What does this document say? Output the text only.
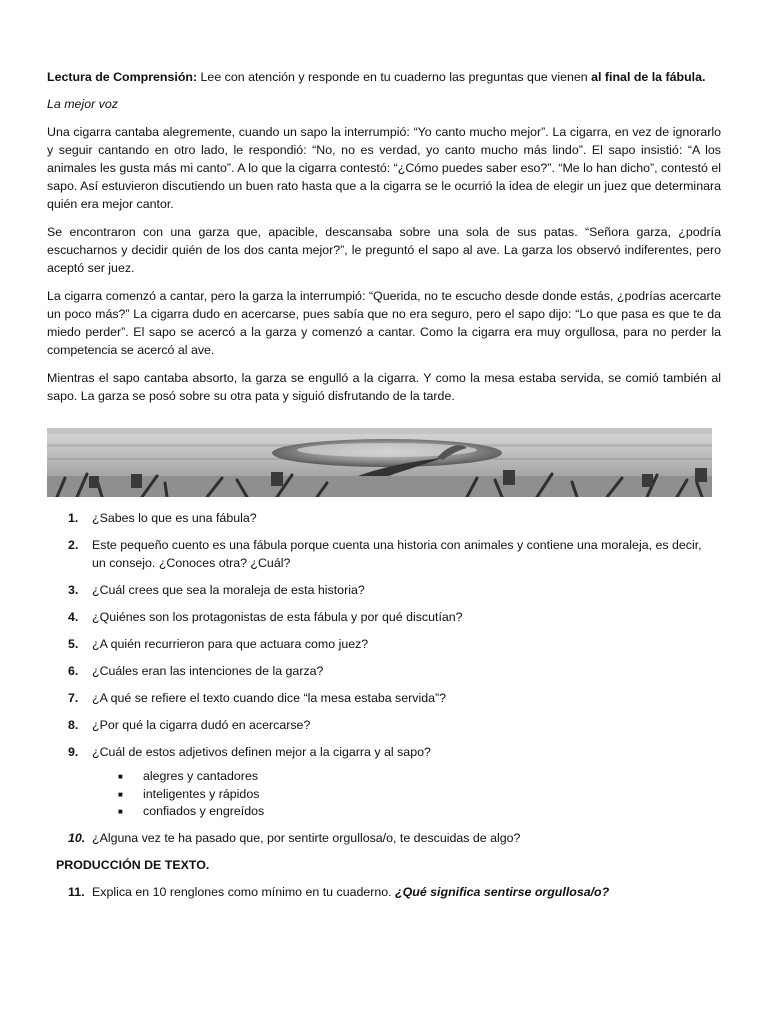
Lectura de Comprensión: Lee con atención y responde en tu cuaderno las preguntas que vienen al final de la fábula.

La mejor voz

Una cigarra cantaba alegremente, cuando un sapo la interrumpió: “Yo canto mucho mejor”. La cigarra, en vez de ignorarlo y seguir cantando en otro lado, le respondió: “No, no es verdad, yo canto mucho más lindo”. El sapo insistió: “A los animales les gusta más mi canto”. A lo que la cigarra contestó: “¿Cómo puedes saber eso?”. “Me lo han dicho”, contestó el sapo. Así estuvieron discutiendo un buen rato hasta que a la cigarra se le ocurrió la idea de elegir un juez que determinara quién era mejor cantor.

Se encontraron con una garza que, apacible, descansaba sobre una sola de sus patas. “Señora garza, ¿podría escucharnos y decidir quién de los dos canta mejor?”, le preguntó el sapo al ave. La garza los observó indiferentes, pero aceptó ser juez.

La cigarra comenzó a cantar, pero la garza la interrumpió: “Querida, no te escucho desde donde estás, ¿podrías acercarte un poco más?” La cigarra dudo en acercarse, pues sabía que no era seguro, pero el sapo dijo: “Lo que pasa es que te da miedo perder”. El sapo se acercó a la garza y comenzó a cantar. Como la cigarra era muy orgullosa, para no perder la competencia se acercó al ave.

Mientras el sapo cantaba absorto, la garza se engulló a la cigarra. Y como la mesa estaba servida, se comió también al sapo. La garza se posó sobre su otra pata y siguió disfrutando de la tarde.

1.	¿Sabes lo que es una fábula?
2.	Este pequeño cuento es una fábula porque cuenta una historia con animales y contiene una moraleja, es decir, un consejo. ¿Conoces otra? ¿Cuál?
3.	¿Cuál crees que sea la moraleja de esta historia?
4.	¿Quiénes son los protagonistas de esta fábula y por qué discutían?
5.	¿A quién recurrieron para que actuara como juez?
6.	¿Cuáles eran las intenciones de la garza?
7.	¿A qué se refiere el texto cuando dice “la mesa estaba servida”?
8.	¿Por qué la cigarra dudó en acercarse?
9.	¿Cuál de estos adjetivos definen mejor a la cigarra y al sapo?
■	alegres y cantadores
■	inteligentes y rápidos
■	confiados y engreídos
10. ¿Alguna vez te ha pasado que, por sentirte orgullosa/o, te descuidas de algo?
PRODUCCIÓN DE TEXTO.
11. Explica en 10 renglones como mínimo en tu cuaderno. ¿Qué significa sentirse orgullosa/o?
